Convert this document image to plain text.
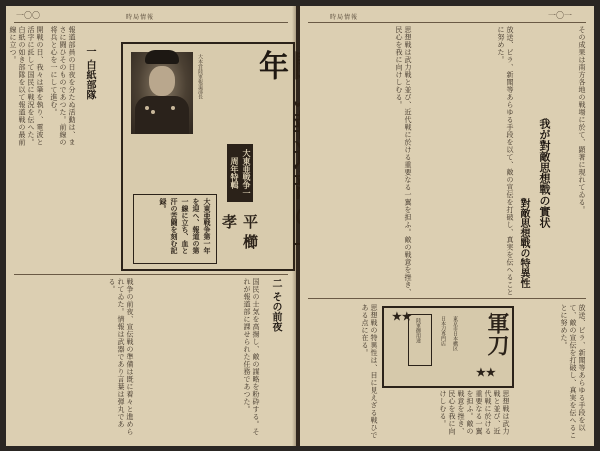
時局情報
一〇〇
開戦の日、我々は筆を執り、電波と活字に託して国民に戦況を伝へた。白紙の如き部隊を以て報道戦の最前線に立つ。	報道部員の日夜を分たぬ活動は、まさに闘ひそのものであつた。前線の将兵と心を一にして進む。	一 白紙部隊	大本営陸軍報道部長 年
大東亜戦争一周年特輯
平櫛孝
大東亜戦争第一年を迎へ、報道の第一線に立ち、血と汗の苦闘を刻む記録。
二 その前夜
戦争の前夜、宣伝戦の準備は既に着々と進められてゐた。情報は武器であり言葉は弾丸である。	国民の士気を高揚し、敵の謀略を粉砕する。それが報道部に課せられた任務であつた。
時局情報	一〇一
思想戦は武力戦と並び、近代戦に於ける重要なる一翼を担ふ。敵の戦意を挫き、民心を我に向けしむる。	放送、ビラ、新聞等あらゆる手段を以て、敵の宣伝を打破し、真実を伝へることに努めた。
我が對敵思想戰の實状
對敵思想戰の特異性
その成果は南方各地の戦場に於て、顕著に現れてゐる。
軍刀
★★
★★
陸軍御用達	日本刀専門店 東京市日本橋区
思想戦の特異性は、目に見えざる戦ひである点に在る。	放送、ビラ、新聞等あらゆる手段を以て、敵の宣伝を打破し、真実を伝へることに努めた。
思想戦は武力戦と並び、近代戦に於ける重要なる一翼を担ふ。敵の戦意を挫き、民心を我に向けしむる。
